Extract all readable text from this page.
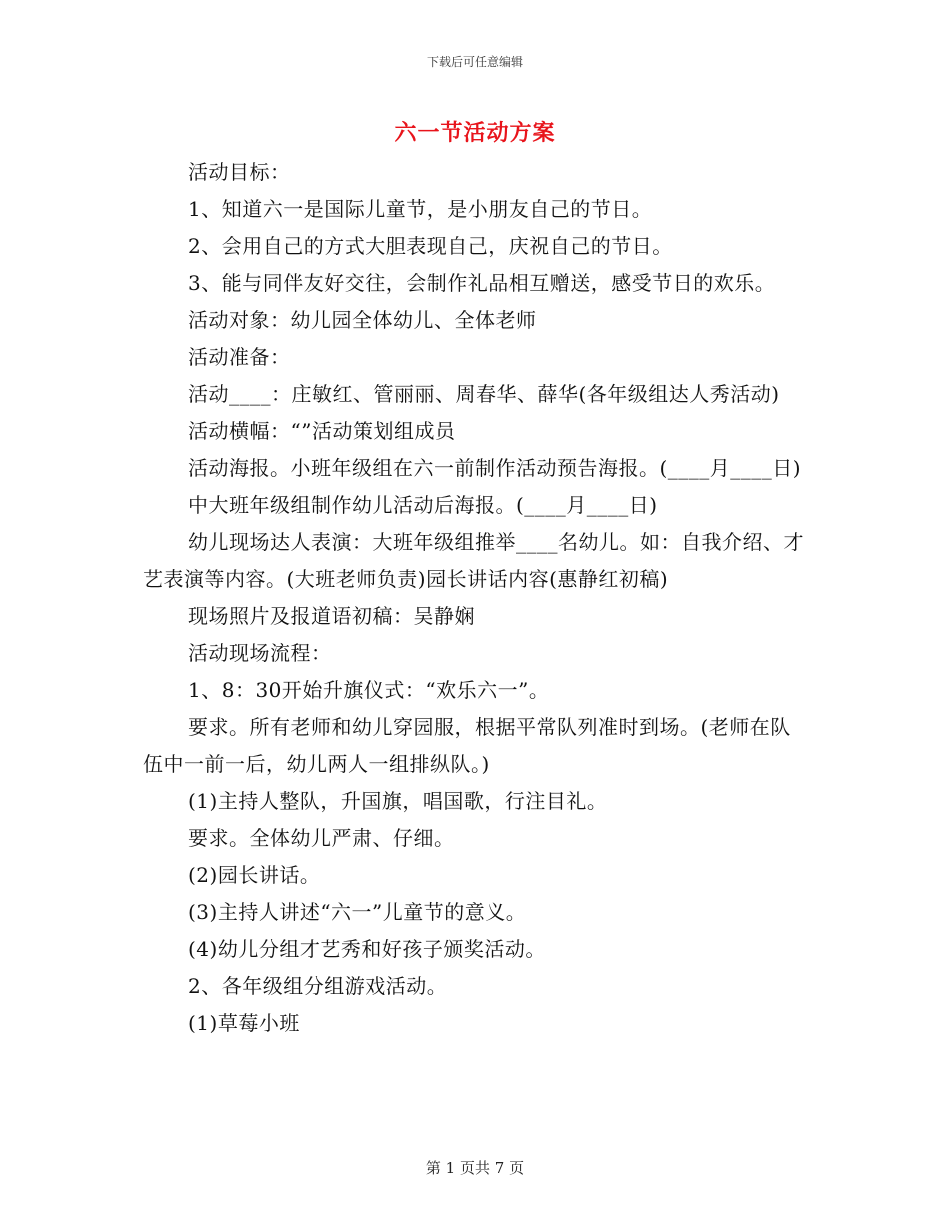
下载后可任意编辑
六一节活动方案

活动目标：

1、知道六一是国际儿童节，是小朋友自己的节日。

2、会用自己的方式大胆表现自己，庆祝自己的节日。

3、能与同伴友好交往，会制作礼品相互赠送，感受节日的欢乐。

活动对象：幼儿园全体幼儿、全体老师

活动准备：

活动____：庄敏红、管丽丽、周春华、薛华(各年级组达人秀活动)

活动横幅：“”活动策划组成员

活动海报。小班年级组在六一前制作活动预告海报。(____月____日)

中大班年级组制作幼儿活动后海报。(____月____日)

幼儿现场达人表演：大班年级组推举____名幼儿。如：自我介绍、才艺表演等内容。(大班老师负责)园长讲话内容(惠静红初稿)

现场照片及报道语初稿：吴静娴

活动现场流程：

1、8：30开始升旗仪式：“欢乐六一”。

要求。所有老师和幼儿穿园服，根据平常队列准时到场。(老师在队伍中一前一后，幼儿两人一组排纵队。)

(1)主持人整队，升国旗，唱国歌，行注目礼。

要求。全体幼儿严肃、仔细。

(2)园长讲话。

(3)主持人讲述“六一”儿童节的意义。

(4)幼儿分组才艺秀和好孩子颁奖活动。

2、各年级组分组游戏活动。

(1)草莓小班

第 1 页共 7 页
